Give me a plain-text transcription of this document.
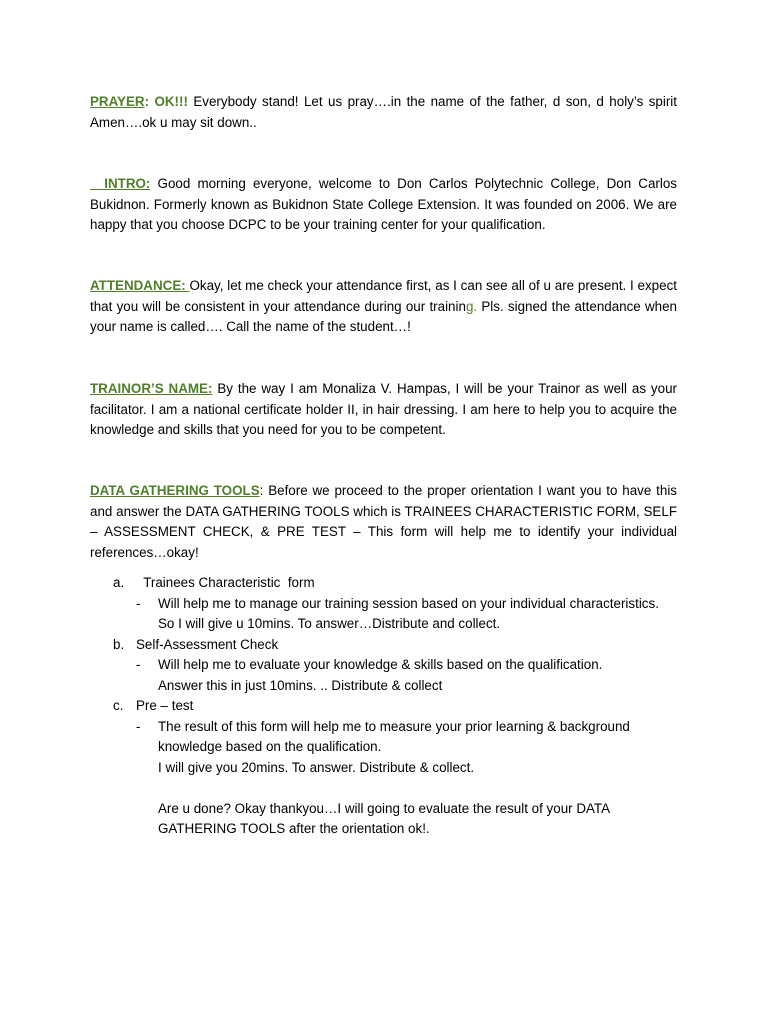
PRAYER: OK!!! Everybody stand! Let us pray….in the name of the father, d son, d holy’s spirit Amen….ok u may sit down..

INTRO: Good morning everyone, welcome to Don Carlos Polytechnic College, Don Carlos Bukidnon. Formerly known as Bukidnon State College Extension. It was founded on 2006. We are happy that you choose DCPC to be your training center for your qualification.

ATTENDANCE: Okay, let me check your attendance first, as I can see all of u are present. I expect that you will be consistent in your attendance during our training. Pls. signed the attendance when your name is called…. Call the name of the student…!

TRAINOR’S NAME: By the way I am Monaliza V. Hampas, I will be your Trainor as well as your facilitator. I am a national certificate holder II, in hair dressing. I am here to help you to acquire the knowledge and skills that you need for you to be competent.

DATA GATHERING TOOLS: Before we proceed to the proper orientation I want you to have this and answer the DATA GATHERING TOOLS which is TRAINEES CHARACTERISTIC FORM, SELF – ASSESSMENT CHECK, & PRE TEST – This form will help me to identify your individual references…okay!

a. Trainees Characteristic  form
- Will help me to manage our training session based on your individual characteristics.
So I will give u 10mins. To answer…Distribute and collect.
b. Self-Assessment Check
- Will help me to evaluate your knowledge & skills based on the qualification.
Answer this in just 10mins. .. Distribute & collect
c. Pre – test
- The result of this form will help me to measure your prior learning & background
knowledge based on the qualification.
I will give you 20mins. To answer. Distribute & collect.
Are u done? Okay thankyou…I will going to evaluate the result of your DATA
GATHERING TOOLS after the orientation ok!.
